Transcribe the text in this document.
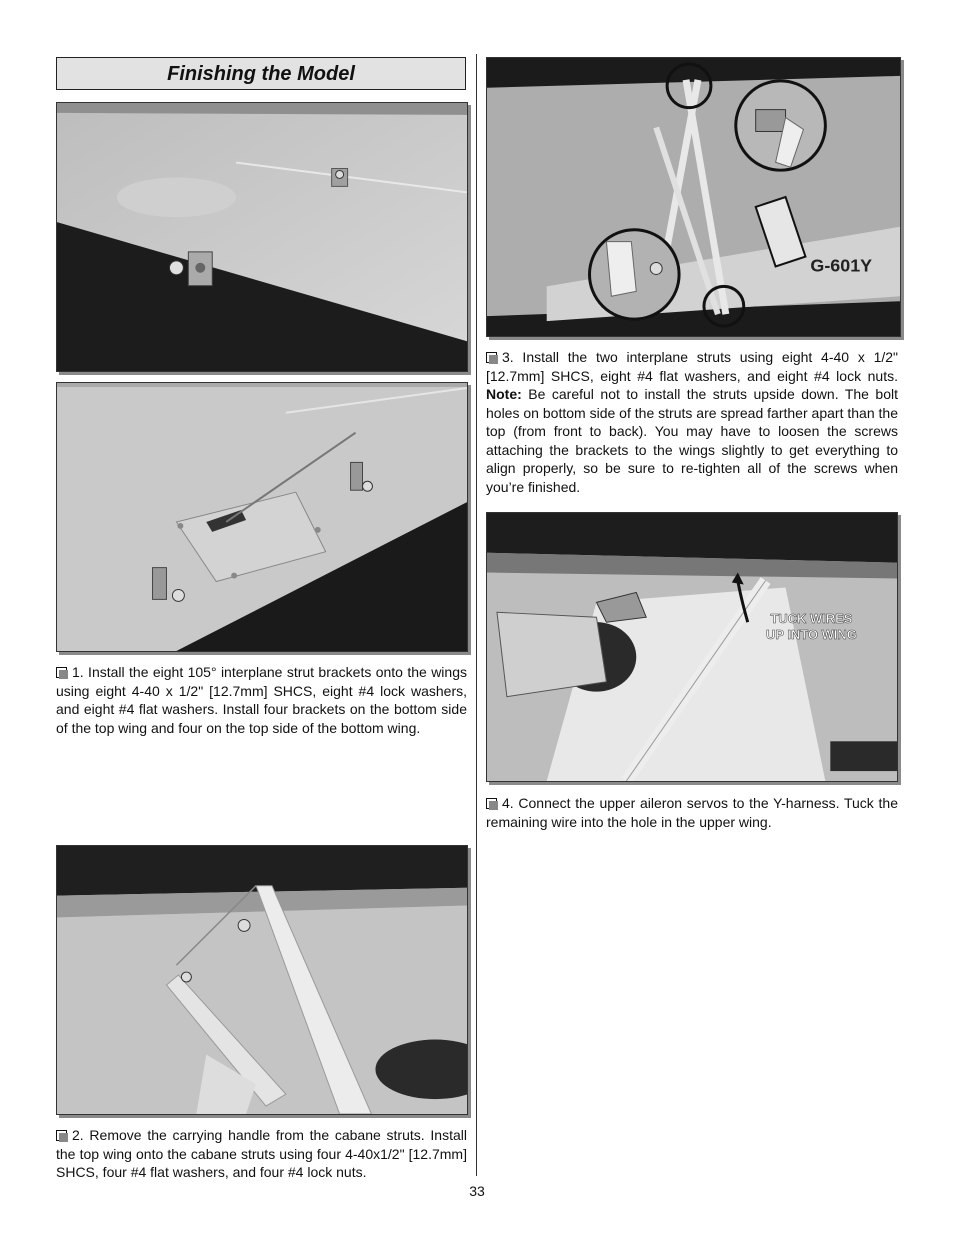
Finishing the Model

1. Install the eight 105° interplane strut brackets onto the wings using eight 4-40 x 1/2" [12.7mm] SHCS, eight #4 lock washers, and eight #4 flat washers. Install four brackets on the bottom side of the top wing and four on the top side of the bottom wing.

2. Remove the carrying handle from the cabane struts. Install the top wing onto the cabane struts using four 4-40x1/2" [12.7mm] SHCS, four #4 flat washers, and four #4 lock nuts.

G-601Y

3. Install the two interplane struts using eight 4-40 x 1/2" [12.7mm] SHCS, eight #4 flat washers, and eight #4 lock nuts. Note: Be careful not to install the struts upside down. The bolt holes on bottom side of the struts are spread farther apart than the top (from front to back). You may have to loosen the screws attaching the brackets to the wings slightly to get everything to align properly, so be sure to re-tighten all of the screws when you’re finished.

TUCK WIRES
UP INTO WING

4. Connect the upper aileron servos to the Y-harness. Tuck the remaining wire into the hole in the upper wing.

33
